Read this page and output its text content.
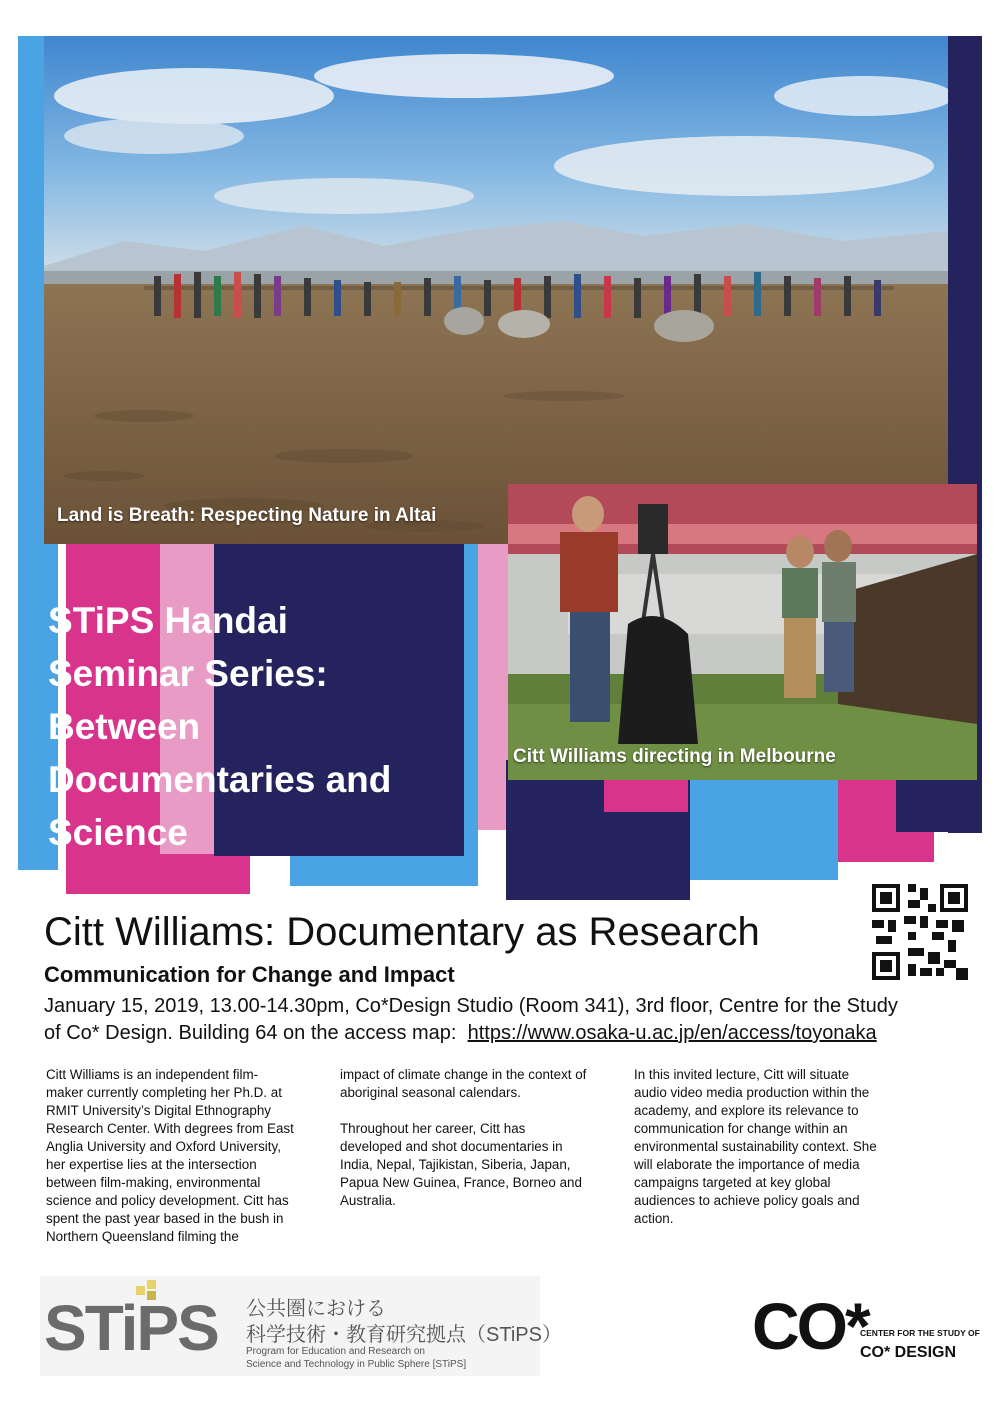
Land is Breath: Respecting Nature in Altai
Citt Williams directing in Melbourne
STiPS Handai
Seminar Series:
Between
Documentaries and
Science
Citt Williams: Documentary as Research
Communication for Change and Impact
January 15, 2019, 13.00-14.30pm, Co*Design Studio (Room 341), 3rd floor, Centre for the Study
of Co* Design. Building 64 on the access map:  https://www.osaka-u.ac.jp/en/access/toyonaka

Citt Williams is an independent film-maker currently completing her Ph.D. at RMIT University’s Digital Ethnography Research Center. With degrees from East Anglia University and Oxford University, her expertise lies at the intersection between film-making, environmental science and policy development. Citt has spent the past year based in the bush in Northern Queensland filming the

impact of climate change in the context of aboriginal seasonal calendars.

Throughout her career, Citt has developed and shot documentaries in India, Nepal, Tajikistan, Siberia, Japan, Papua New Guinea, France, Borneo and Australia.

In this invited lecture, Citt will situate audio video media production within the academy, and explore its relevance to communication for change within an environmental sustainability context. She will elaborate the importance of media campaigns targeted at key global audiences to achieve policy goals and action.

STiPS 公共圏における
科学技術・教育研究拠点（STiPS）
Program for Education and Research on
Science and Technology in Public Sphere [STiPS]
CO*
CENTER FOR THE STUDY OF
CO* DESIGN
